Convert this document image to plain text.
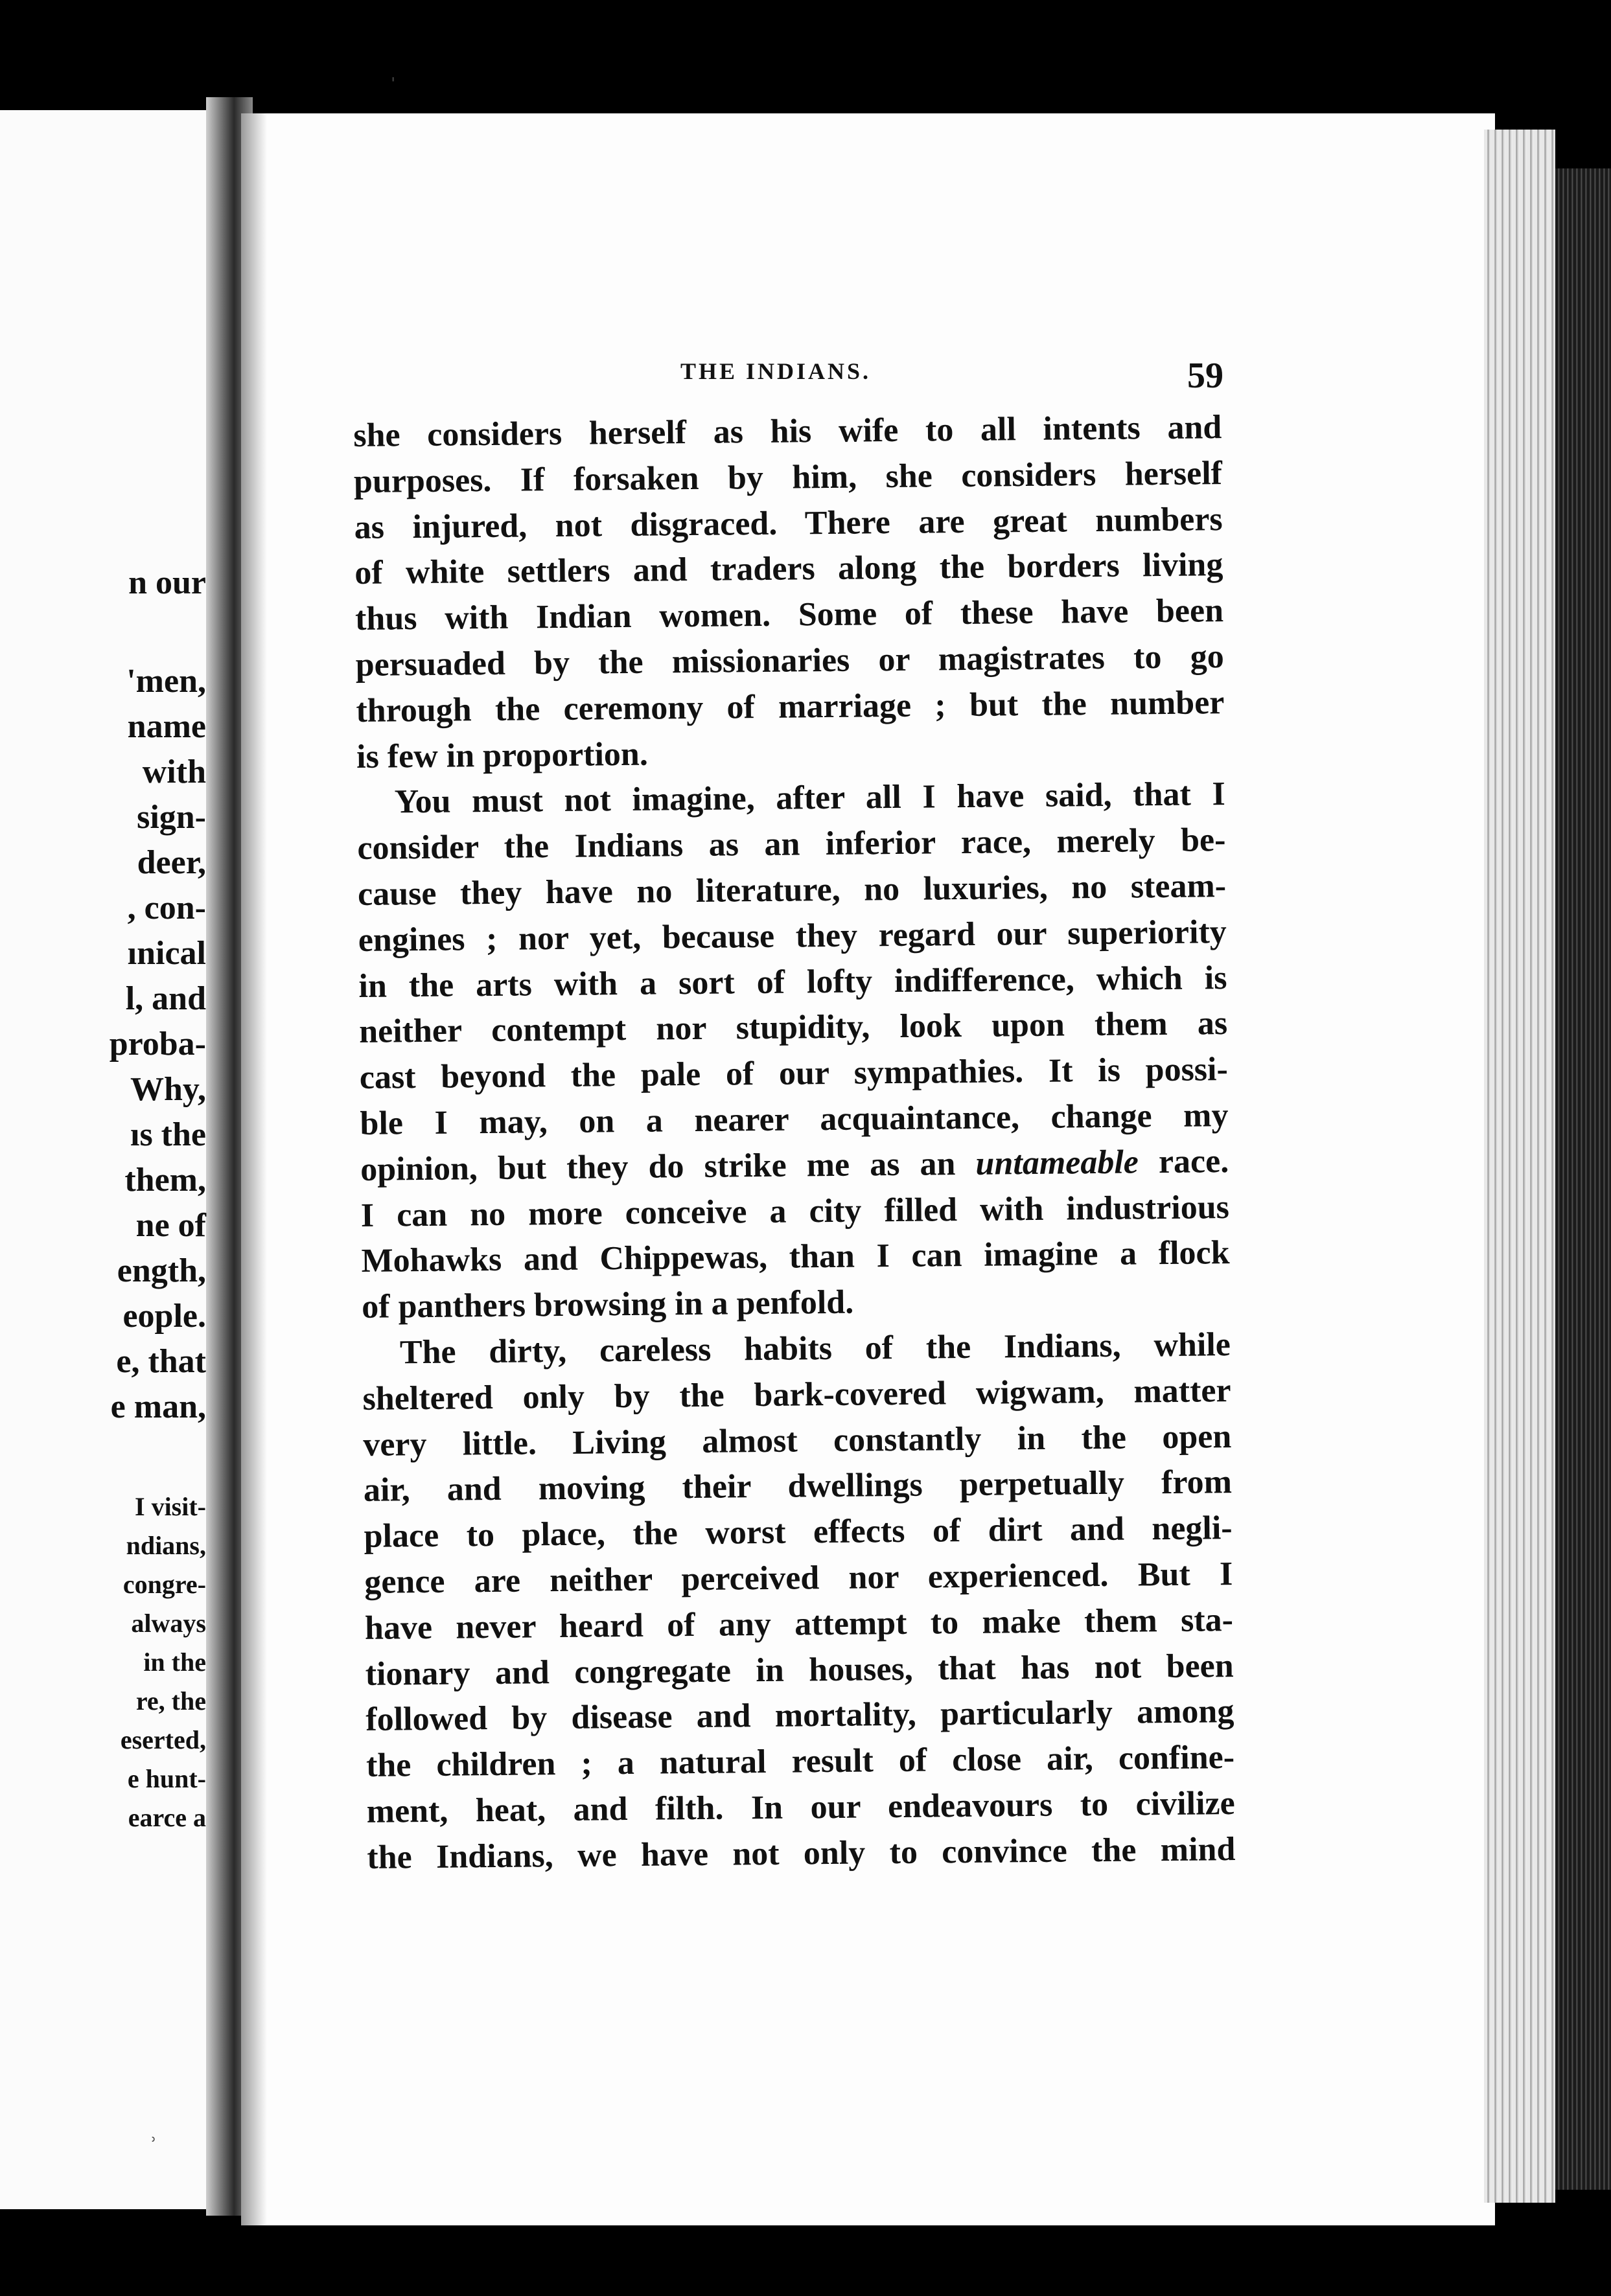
ˈ
ʾ
n our
'men,
name
with
sign-
deer,
, con-
ınical
l, and
proba-
Why,
ıs the
them,
ne of
ength,
eople.
e, that
e man,
I visit-
ndians,
congre-
always
in the
re, the
eserted,
e hunt-
earce a
THE INDIANS.	59
she considers herself as his wife to all intents and
purposes. If forsaken by him, she considers herself
as injured, not disgraced. There are great numbers
of white settlers and traders along the borders living
thus with Indian women. Some of these have been
persuaded by the missionaries or magistrates to go
through the ceremony of marriage ; but the number
is few in proportion.
You must not imagine, after all I have said, that I
consider the Indians as an inferior race, merely be-
cause they have no literature, no luxuries, no steam-
engines ; nor yet, because they regard our superiority
in the arts with a sort of lofty indifference, which is
neither contempt nor stupidity, look upon them as
cast beyond the pale of our sympathies. It is possi-
ble I may, on a nearer acquaintance, change my
opinion, but they do strike me as an untameable race.
I can no more conceive a city filled with industrious
Mohawks and Chippewas, than I can imagine a flock
of panthers browsing in a penfold.
The dirty, careless habits of the Indians, while
sheltered only by the bark-covered wigwam, matter
very little. Living almost constantly in the open
air, and moving their dwellings perpetually from
place to place, the worst effects of dirt and negli-
gence are neither perceived nor experienced. But I
have never heard of any attempt to make them sta-
tionary and congregate in houses, that has not been
followed by disease and mortality, particularly among
the children ; a natural result of close air, confine-
ment, heat, and filth. In our endeavours to civilize
the Indians, we have not only to convince the mind
